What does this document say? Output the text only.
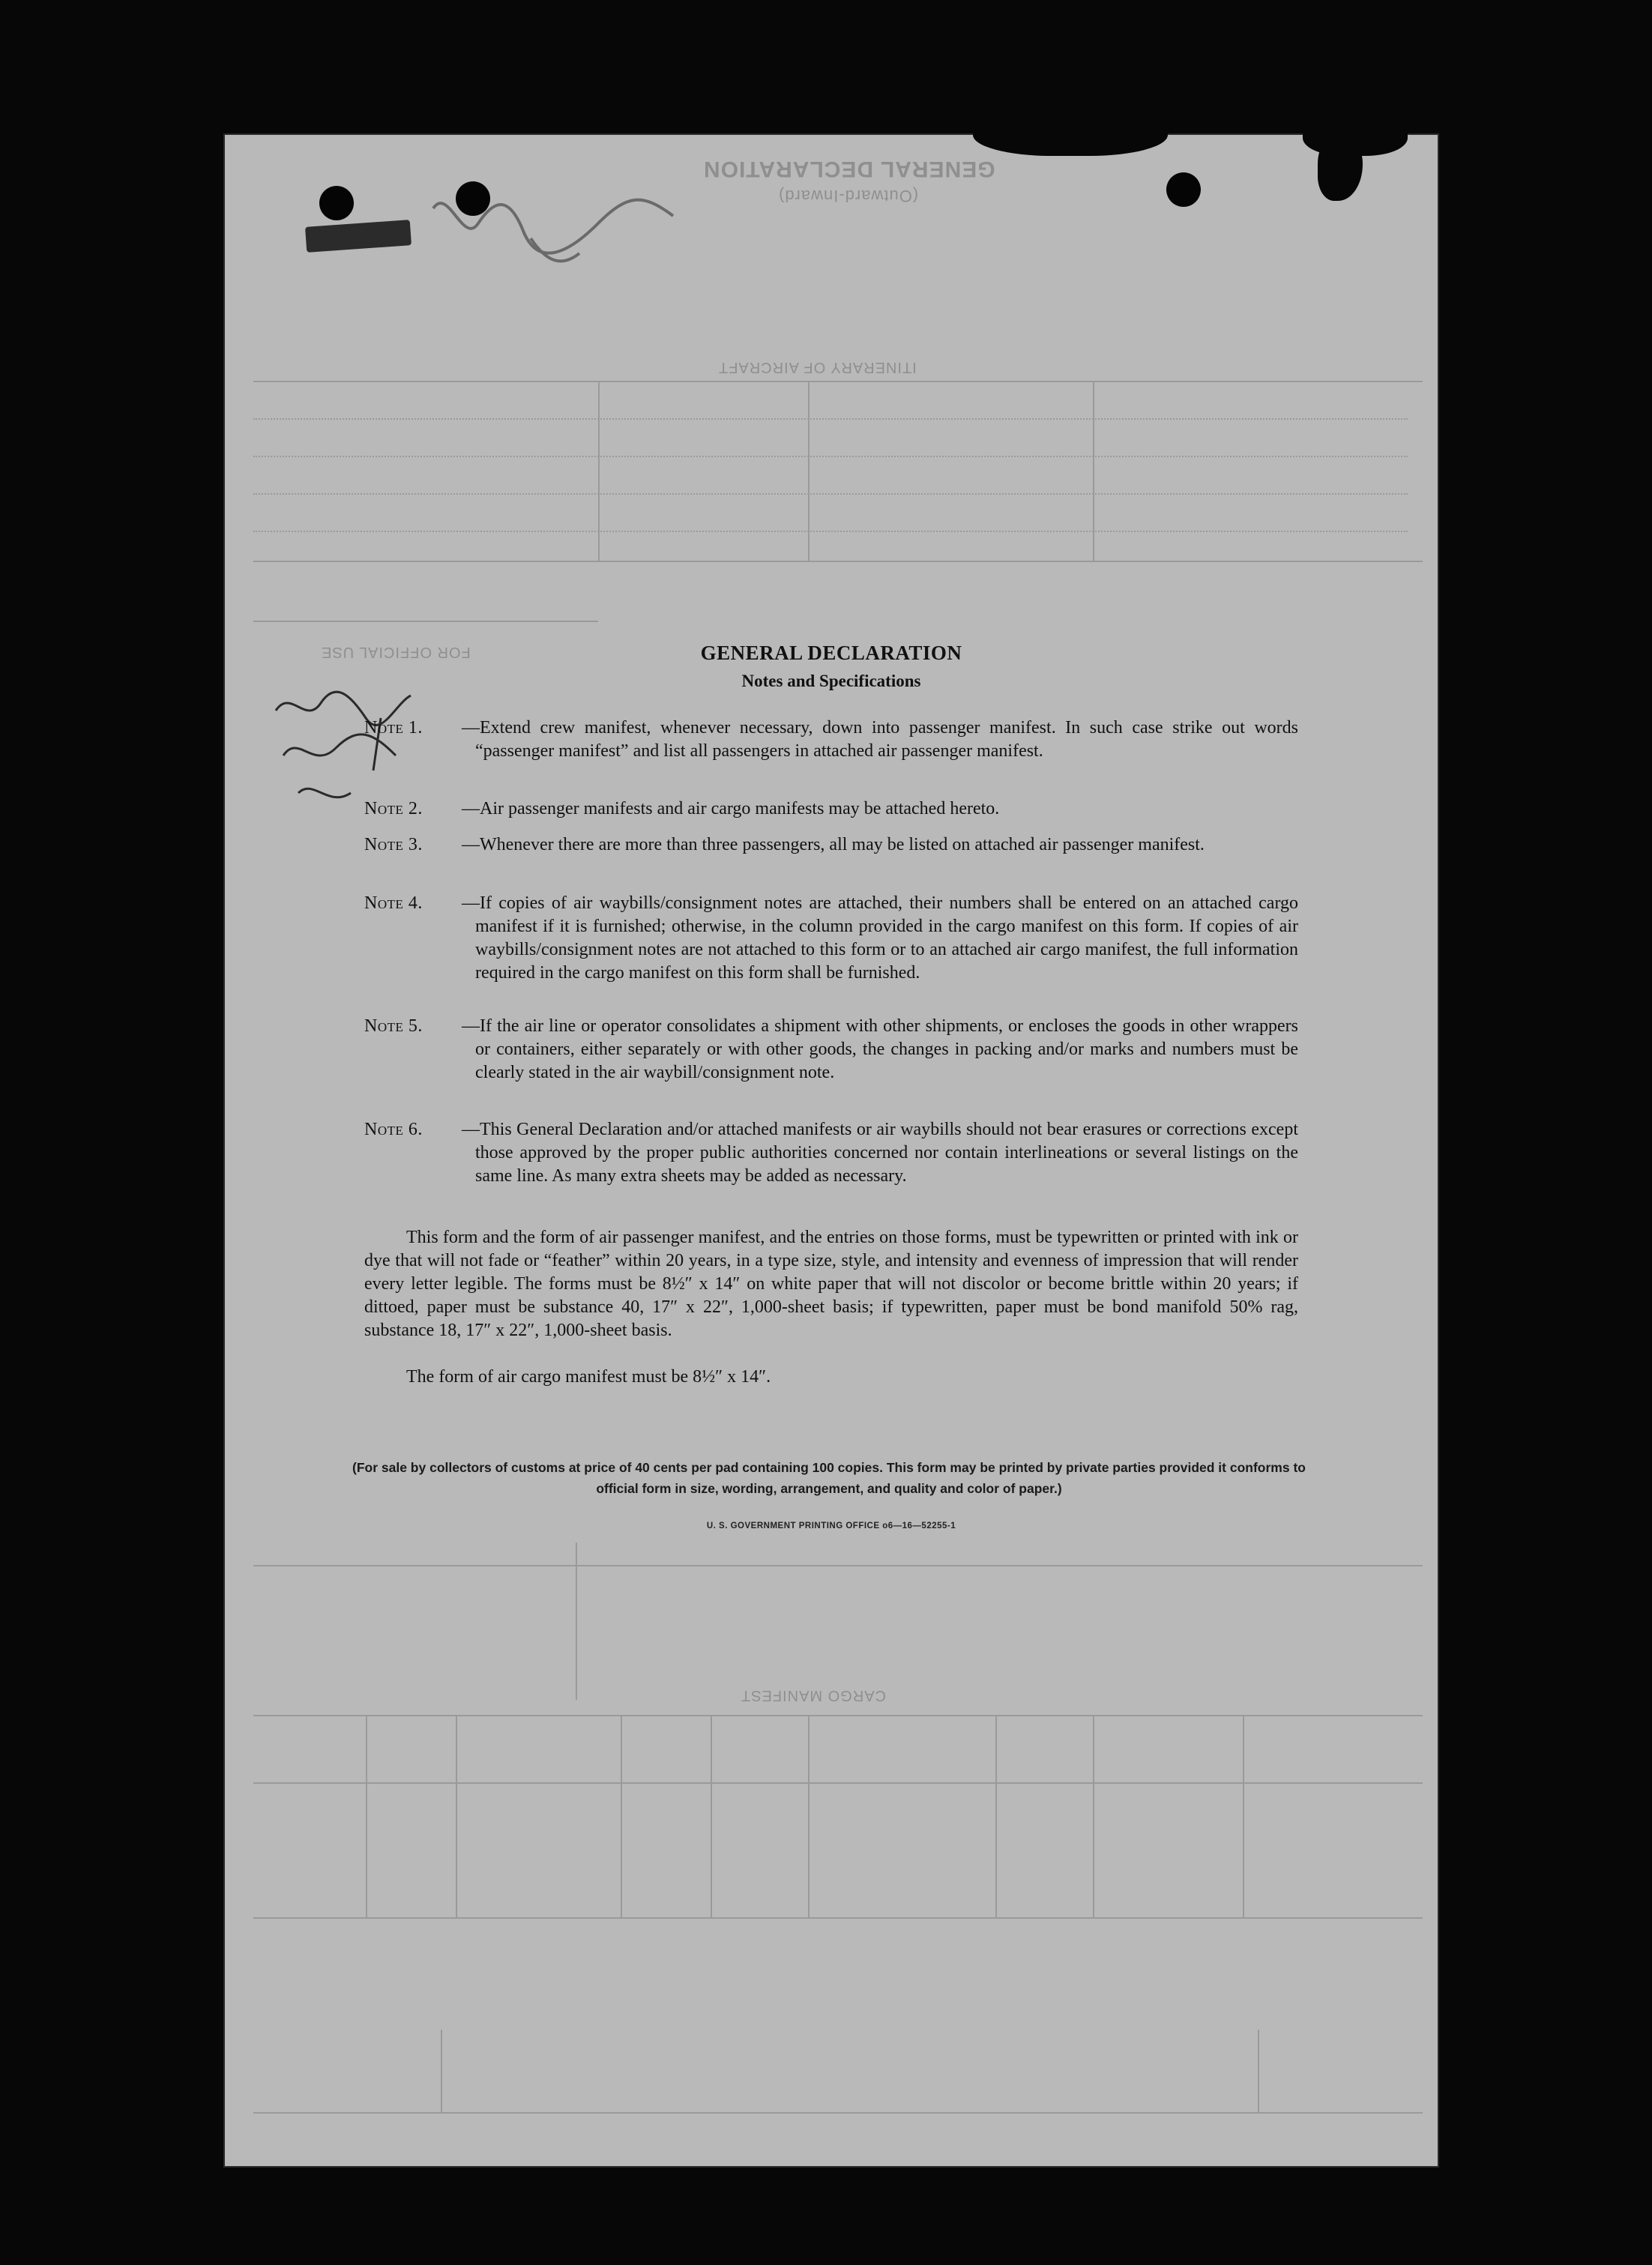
GENERAL DECLARATION
(Outward-Inward)
ITINERARY OF AIRCRAFT
FOR OFFICIAL USE
CARGO MANIFEST
GENERAL DECLARATION
Notes and Specifications
Note 1.	—Extend crew manifest, whenever necessary, down into passenger manifest. In such case strike out words “passenger manifest” and list all passengers in attached air passenger manifest.
Note 2.	—Air passenger manifests and air cargo manifests may be attached hereto.
Note 3.	—Whenever there are more than three passengers, all may be listed on attached air passenger manifest.
Note 4.	—If copies of air waybills/consignment notes are attached, their numbers shall be entered on an attached cargo manifest if it is furnished; otherwise, in the column provided in the cargo manifest on this form. If copies of air waybills/consignment notes are not attached to this form or to an attached air cargo manifest, the full information required in the cargo manifest on this form shall be furnished.
Note 5.	—If the air line or operator consolidates a shipment with other shipments, or encloses the goods in other wrappers or containers, either separately or with other goods, the changes in packing and/or marks and numbers must be clearly stated in the air waybill/consignment note.
Note 6.	—This General Declaration and/or attached manifests or air waybills should not bear erasures or corrections except those approved by the proper public authorities concerned nor contain interlineations or several listings on the same line. As many extra sheets may be added as necessary.
This form and the form of air passenger manifest, and the entries on those forms, must be typewritten or printed with ink or dye that will not fade or “feather” within 20 years, in a type size, style, and intensity and evenness of impression that will render every letter legible. The forms must be 8½″ x 14″ on white paper that will not discolor or become brittle within 20 years; if dittoed, paper must be substance 40, 17″ x 22″, 1,000-sheet basis; if typewritten, paper must be bond manifold 50% rag, substance 18, 17″ x 22″, 1,000-sheet basis.
The form of air cargo manifest must be 8½″ x 14″.
(For sale by collectors of customs at price of 40 cents per pad containing 100 copies. This form may be printed by private parties provided it conforms to official form in size, wording, arrangement, and quality and color of paper.)
U. S. GOVERNMENT PRINTING OFFICE o6—16—52255-1
